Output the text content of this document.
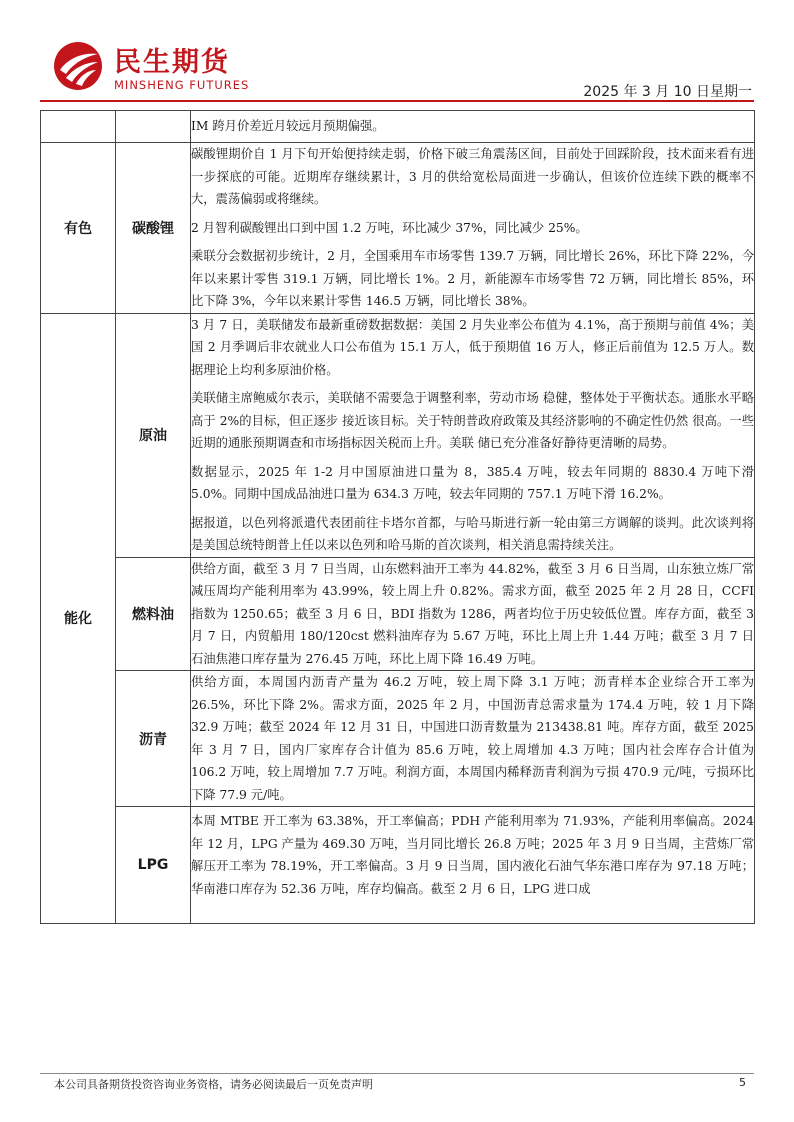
民生期货
MINSHENG FUTURES	2025 年 3 月 10 日星期一

		IM 跨月价差近月较远月预期偏强。

有色	碳酸锂	碳酸锂期价自 1 月下旬开始便持续走弱，价格下破三角震荡区间，目前处于回踩阶段，技术面来看有进一步探底的可能。近期库存继续累计，3 月的供给宽松局面进一步确认，但该价位连续下跌的概率不大，震荡偏弱或将继续。

2 月智利碳酸锂出口到中国 1.2 万吨，环比减少 37%，同比减少 25%。

乘联分会数据初步统计，2 月，全国乘用车市场零售 139.7 万辆，同比增长 26%，环比下降 22%，今年以来累计零售 319.1 万辆，同比增长 1%。2 月，新能源车市场零售 72 万辆，同比增长 85%，环比下降 3%，今年以来累计零售 146.5 万辆，同比增长 38%。

能化	原油	3 月 7 日，美联储发布最新重磅数据数据：美国 2 月失业率公布值为 4.1%，高于预期与前值 4%；美国 2 月季调后非农就业人口公布值为 15.1 万人，低于预期值 16 万人，修正后前值为 12.5 万人。数据理论上均利多原油价格。

美联储主席鲍威尔表示，美联储不需要急于调整利率，劳动市场 稳健，整体处于平衡状态。通胀水平略高于 2%的目标，但正逐步 接近该目标。关于特朗普政府政策及其经济影响的不确定性仍然 很高。一些近期的通胀预期调查和市场指标因关税而上升。美联 储已充分准备好静待更清晰的局势。

数据显示，2025 年 1-2 月中国原油进口量为 8，385.4 万吨，较去年同期的 8830.4 万吨下滑 5.0%。同期中国成品油进口量为 634.3 万吨，较去年同期的 757.1 万吨下滑 16.2%。

据报道，以色列将派遣代表团前往卡塔尔首都，与哈马斯进行新一轮由第三方调解的谈判。此次谈判将是美国总统特朗普上任以来以色列和哈马斯的首次谈判，相关消息需持续关注。

	燃料油	供给方面，截至 3 月 7 日当周，山东燃料油开工率为 44.82%，截至 3 月 6 日当周，山东独立炼厂常减压周均产能利用率为 43.99%，较上周上升 0.82%。需求方面，截至 2025 年 2 月 28 日，CCFI 指数为 1250.65；截至 3 月 6 日，BDI 指数为 1286，两者均位于历史较低位置。库存方面，截至 3 月 7 日，内贸船用 180/120cst 燃料油库存为 5.67 万吨，环比上周上升 1.44 万吨；截至 3 月 7 日石油焦港口库存量为 276.45 万吨，环比上周下降 16.49 万吨。

	沥青	供给方面，本周国内沥青产量为 46.2 万吨，较上周下降 3.1 万吨；沥青样本企业综合开工率为 26.5%，环比下降 2%。需求方面，2025 年 2 月，中国沥青总需求量为 174.4 万吨，较 1 月下降 32.9 万吨；截至 2024 年 12 月 31 日，中国进口沥青数量为 213438.81 吨。库存方面，截至 2025 年 3 月 7 日，国内厂家库存合计值为 85.6 万吨，较上周增加 4.3 万吨；国内社会库存合计值为 106.2 万吨，较上周增加 7.7 万吨。利润方面，本周国内稀释沥青利润为亏损 470.9 元/吨，亏损环比下降 77.9 元/吨。

	LPG	本周 MTBE 开工率为 63.38%，开工率偏高；PDH 产能利用率为 71.93%，产能利用率偏高。2024 年 12 月，LPG 产量为 469.30 万吨，当月同比增长 26.8 万吨；2025 年 3 月 9 日当周，主营炼厂常解压开工率为 78.19%，开工率偏高。3 月 9 日当周，国内液化石油气华东港口库存为 97.18 万吨；华南港口库存为 52.36 万吨，库存均偏高。截至 2 月 6 日，LPG 进口成

本公司具备期货投资咨询业务资格，请务必阅读最后一页免责声明	5
